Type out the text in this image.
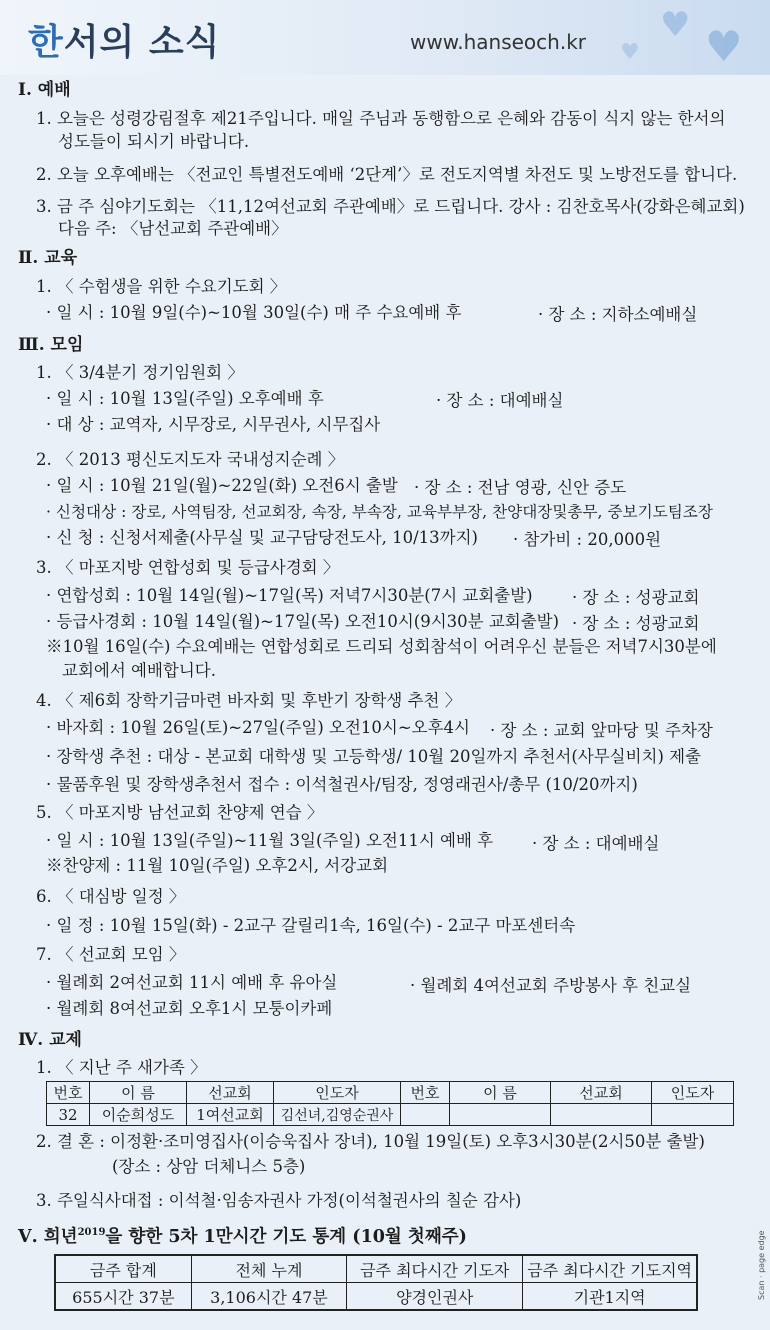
♥ ♥
♥
한서의 소식	www.hanseoch.kr
Ⅰ. 예배
1. 오늘은 성령강림절후 제21주입니다. 매일 주님과 동행함으로 은혜와 감동이 식지 않는 한서의
성도들이 되시기 바랍니다.
2. 오늘 오후예배는 〈전교인 특별전도예배 ‘2단계’〉로 전도지역별 차전도 및 노방전도를 합니다.
3. 금 주 심야기도회는 〈11,12여선교회 주관예배〉로 드립니다. 강사 : 김찬호목사(강화은혜교회)
다음 주: 〈남선교회 주관예배〉
Ⅱ. 교육
1. 〈 수험생을 위한 수요기도회 〉
· 일 시 : 10월 9일(수)~10월 30일(수) 매 주 수요예배 후	· 장 소 : 지하소예배실
Ⅲ. 모임
1. 〈 3/4분기 정기임원회 〉
· 일 시 : 10월 13일(주일) 오후예배 후	· 장 소 : 대예배실
· 대 상 : 교역자, 시무장로, 시무권사, 시무집사
2. 〈 2013 평신도지도자 국내성지순례 〉
· 일 시 : 10월 21일(월)~22일(화) 오전6시 출발 · 장 소 : 전남 영광, 신안 증도
· 신청대상 : 장로, 사역팀장, 선교회장, 속장, 부속장, 교육부부장, 찬양대장및총무, 중보기도팀조장
· 신 청 : 신청서제출(사무실 및 교구담당전도사, 10/13까지) · 참가비 : 20,000원
3. 〈 마포지방 연합성회 및 등급사경회 〉
· 연합성회 : 10월 14일(월)~17일(목) 저녁7시30분(7시 교회출발) · 장 소 : 성광교회
· 등급사경회 : 10월 14일(월)~17일(목) 오전10시(9시30분 교회출발) · 장 소 : 성광교회
※10월 16일(수) 수요예배는 연합성회로 드리되 성회참석이 어려우신 분들은 저녁7시30분에
교회에서 예배합니다.
4. 〈 제6회 장학기금마련 바자회 및 후반기 장학생 추천 〉
· 바자회 : 10월 26일(토)~27일(주일) 오전10시~오후4시 · 장 소 : 교회 앞마당 및 주차장
· 장학생 추천 : 대상 - 본교회 대학생 및 고등학생/ 10월 20일까지 추천서(사무실비치) 제출
· 물품후원 및 장학생추천서 접수 : 이석철권사/팀장, 정영래권사/총무 (10/20까지)
5. 〈 마포지방 남선교회 찬양제 연습 〉
· 일 시 : 10월 13일(주일)~11월 3일(주일) 오전11시 예배 후 · 장 소 : 대예배실
※찬양제 : 11월 10일(주일) 오후2시, 서강교회
6. 〈 대심방 일정 〉
· 일 정 : 10월 15일(화) - 2교구 갈릴리1속, 16일(수) - 2교구 마포센터속
7. 〈 선교회 모임 〉
· 월례회 2여선교회 11시 예배 후 유아실	· 월례회 4여선교회 주방봉사 후 친교실
· 월례회 8여선교회 오후1시 모퉁이카페
Ⅳ. 교제
1. 〈 지난 주 새가족 〉
번호	이 름	선교회	인도자	번호	이 름	선교회	인도자
32	이순희성도	1여선교회	김선녀,김영순권사				
2. 결 혼 : 이정환·조미영집사(이승욱집사 장녀), 10월 19일(토) 오후3시30분(2시50분 출발)
(장소 : 상암 더체니스 5층)
3. 주일식사대접 : 이석철·임송자권사 가정(이석철권사의 칠순 감사)
Ⅴ. 희년$^{2019}$을 향한 5차 1만시간 기도 통계 (10월 첫째주)
금주 합계	전체 누계	금주 최다시간 기도자	금주 최다시간 기도지역
655시간 37분	3,106시간 47분	양경인권사	기관1지역	Scan · page edge
